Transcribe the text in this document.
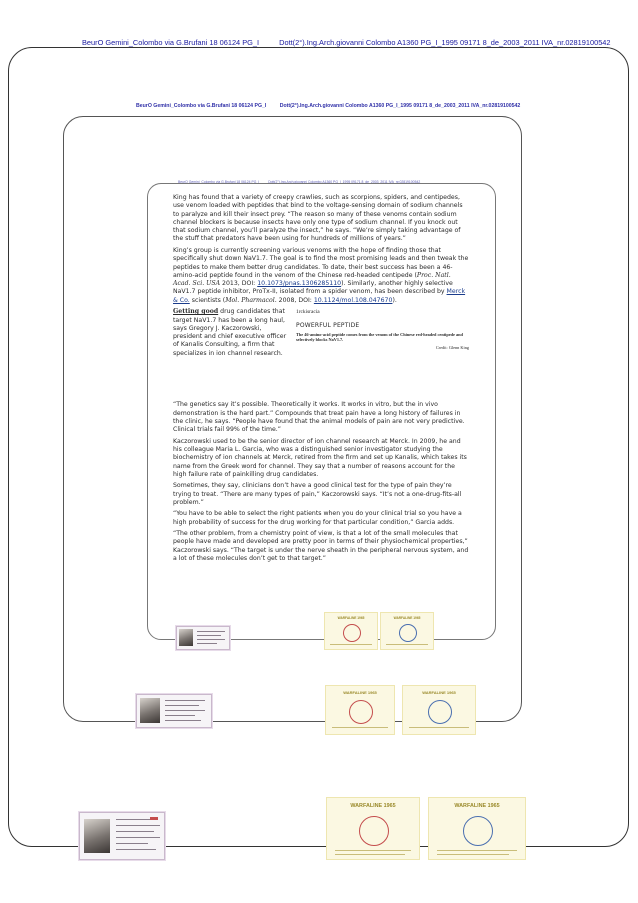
BeurO Gemini_Colombo via G.Brufani 18 06124 PG_I	Dott(2°).Ing.Arch.giovanni Colombo A1360 PG_I_1995 09171 8_de_2003_2011 IVA_nr.02819100542
BeurO Gemini_Colombo via G.Brufani 18 06124 PG_I	Dott(2°).Ing.Arch.giovanni Colombo A1360 PG_I_1995 09171 8_de_2003_2011 IVA_nr.02819100542
BeurO Gemini_Colombo via G.Brufani 18 06124 PG_I	Dott(2°).Ing.Arch.giovanni Colombo A1360 PG_I_1995 09171 8_de_2003_2011 IVA_nr.02819100542

King has found that a variety of creepy crawlies, such as scorpions, spiders, and centipedes, use venom loaded with peptides that bind to the voltage-sensing domain of sodium channels to paralyze and kill their insect prey. “The reason so many of these venoms contain sodium channel blockers is because insects have only one type of sodium channel. If you knock out that sodium channel, you’ll paralyze the insect,” he says. “We’re simply taking advantage of the stuff that predators have been using for hundreds of millions of years.”

King’s group is currently screening various venoms with the hope of finding those that specifically shut down NaV1.7. The goal is to find the most promising leads and then tweak the peptides to make them better drug candidates. To date, their best success has been a 46-amino-acid peptide found in the venom of the Chinese red-headed centipede (Proc. Natl. Acad. Sci. USA 2013, DOI: 10.1073/pnas.1306285110). Similarly, another highly selective NaV1.7 peptide inhibitor, ProTx-II, isolated from a spider venom, has been described by Merck & Co. scientists (Mol. Pharmacol. 2008, DOI: 10.1124/mol.108.047670).

Getting good drug candidates that target NaV1.7 has been a long haul, says Gregory J. Kaczorowski, president and chief executive officer of Kanalis Consulting, a firm that specializes in ion channel research.
1rckisracia
POWERFUL PEPTIDE
The 46-amino-acid peptide comes from the venom of the Chinese red-headed centipede and selectively blocks NaV1.7.
Credit: Glenn King

“The genetics say it’s possible. Theoretically it works. It works in vitro, but the in vivo demonstration is the hard part.” Compounds that treat pain have a long history of failures in the clinic, he says. “People have found that the animal models of pain are not very predictive. Clinical trials fail 99% of the time.”

Kaczorowski used to be the senior director of ion channel research at Merck. In 2009, he and his colleague Maria L. Garcia, who was a distinguished senior investigator studying the biochemistry of ion channels at Merck, retired from the firm and set up Kanalis, which takes its name from the Greek word for channel. They say that a number of reasons account for the high failure rate of painkilling drug candidates.

Sometimes, they say, clinicians don’t have a good clinical test for the type of pain they’re trying to treat. “There are many types of pain,” Kaczorowski says. “It’s not a one-drug-fits-all problem.”

“You have to be able to select the right patients when you do your clinical trial so you have a high probability of success for the drug working for that particular condition,” Garcia adds.

“The other problem, from a chemistry point of view, is that a lot of the small molecules that people have made and developed are pretty poor in terms of their physiochemical properties,” Kaczorowski says. “The target is under the nerve sheath in the peripheral nervous system, and a lot of these molecules don’t get to that target.”

WARFALINE 1965	WARFALINE 1965
WARFALINE 1965	WARFALINE 1965
WARFALINE 1965	WARFALINE 1965
